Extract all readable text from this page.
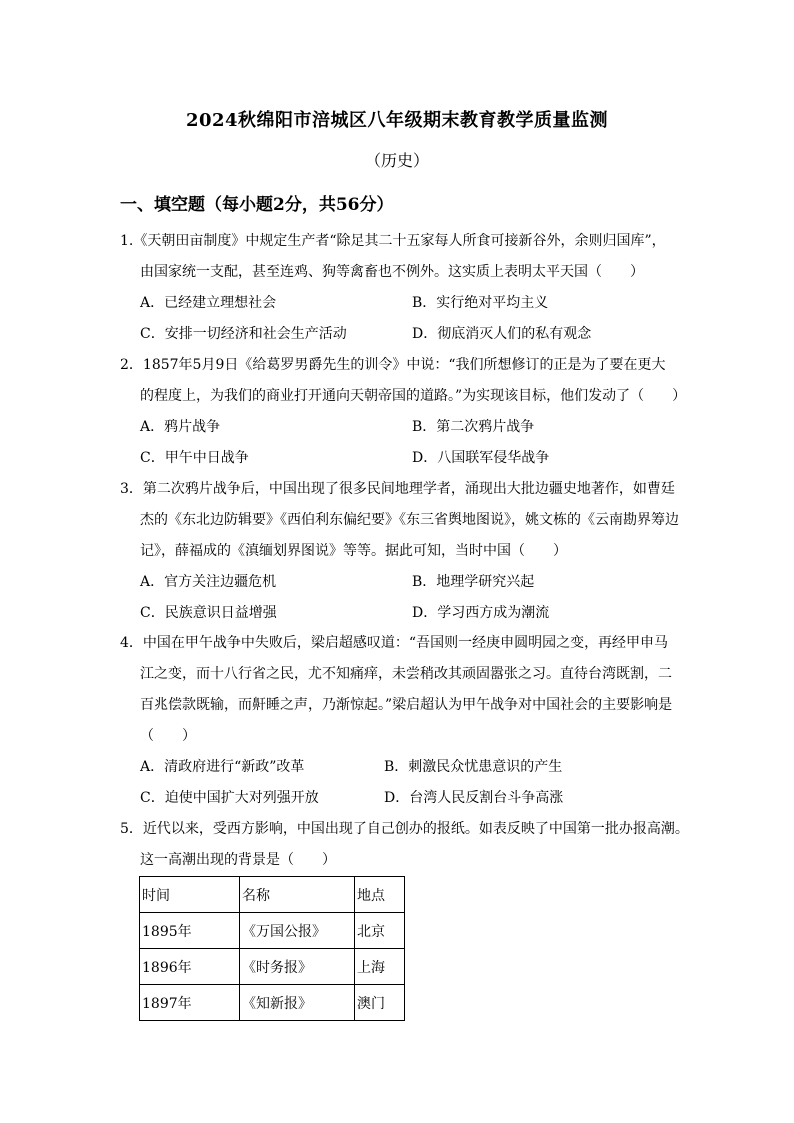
2024秋绵阳市涪城区八年级期末教育教学质量监测
（历史）
一、填空题（每小题2分，共56分）
1.《天朝田亩制度》中规定生产者“除足其二十五家每人所食可接新谷外，余则归国库”，
由国家统一支配，甚至连鸡、狗等禽畜也不例外。这实质上表明太平天国（　　）
A．已经建立理想社会	B．实行绝对平均主义
C．安排一切经济和社会生产活动	D．彻底消灭人们的私有观念
2．1857年5月9日《给葛罗男爵先生的训令》中说：“我们所想修订的正是为了要在更大
的程度上，为我们的商业打开通向天朝帝国的道路。”为实现该目标，他们发动了（　　）
A．鸦片战争	B．第二次鸦片战争
C．甲午中日战争	D．八国联军侵华战争
3．第二次鸦片战争后，中国出现了很多民间地理学者，涌现出大批边疆史地著作，如曹廷
杰的《东北边防辑要》《西伯利东偏纪要》《东三省舆地图说》，姚文栋的《云南勘界筹边
记》，薛福成的《滇缅划界图说》等等。据此可知，当时中国（　　）
A．官方关注边疆危机	B．地理学研究兴起
C．民族意识日益增强	D．学习西方成为潮流
4．中国在甲午战争中失败后，梁启超感叹道：“吾国则一经庚申圆明园之变，再经甲申马
江之变，而十八行省之民，尤不知痛痒，未尝稍改其顽固嚣张之习。直待台湾既割，二
百兆偿款既输，而鼾睡之声，乃渐惊起。”梁启超认为甲午战争对中国社会的主要影响是
（　　）
A．清政府进行“新政”改革	B．刺激民众忧患意识的产生
C．迫使中国扩大对列强开放	D．台湾人民反割台斗争高涨
5．近代以来，受西方影响，中国出现了自己创办的报纸。如表反映了中国第一批办报高潮。
这一高潮出现的背景是（　　）
时间	名称	地点
1895年	《万国公报》	北京
1896年	《时务报》	上海
1897年	《知新报》	澳门
